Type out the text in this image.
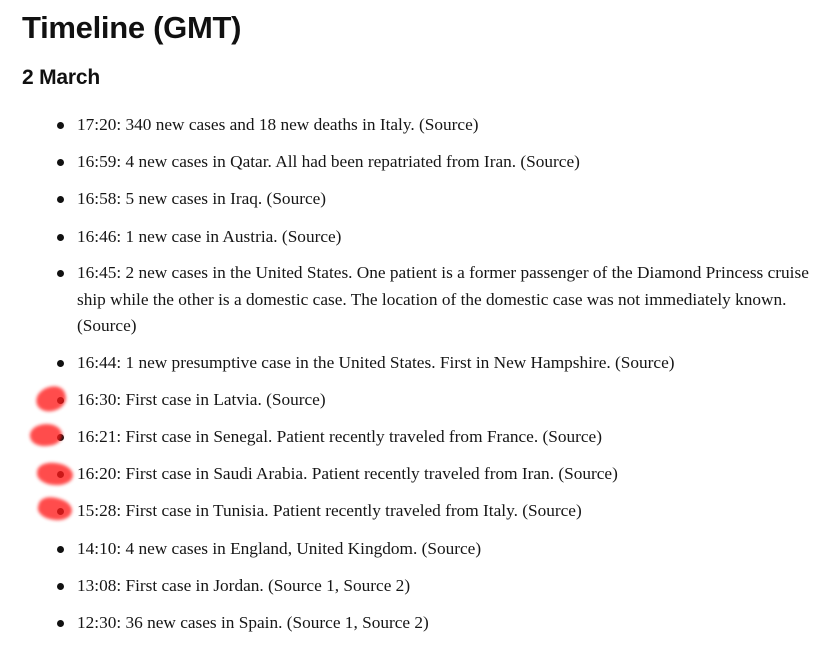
Timeline (GMT)
2 March
17:20: 340 new cases and 18 new deaths in Italy. (Source)
16:59: 4 new cases in Qatar. All had been repatriated from Iran. (Source)
16:58: 5 new cases in Iraq. (Source)
16:46: 1 new case in Austria. (Source)
16:45: 2 new cases in the United States. One patient is a former passenger of the Diamond Princess cruise ship while the other is a domestic case. The location of the domestic case was not immediately known. (Source)
16:44: 1 new presumptive case in the United States. First in New Hampshire. (Source)
16:30: First case in Latvia. (Source)
16:21: First case in Senegal. Patient recently traveled from France. (Source)
16:20: First case in Saudi Arabia. Patient recently traveled from Iran. (Source)
15:28: First case in Tunisia. Patient recently traveled from Italy. (Source)
14:10: 4 new cases in England, United Kingdom. (Source)
13:08: First case in Jordan. (Source 1, Source 2)
12:30: 36 new cases in Spain. (Source 1, Source 2)
